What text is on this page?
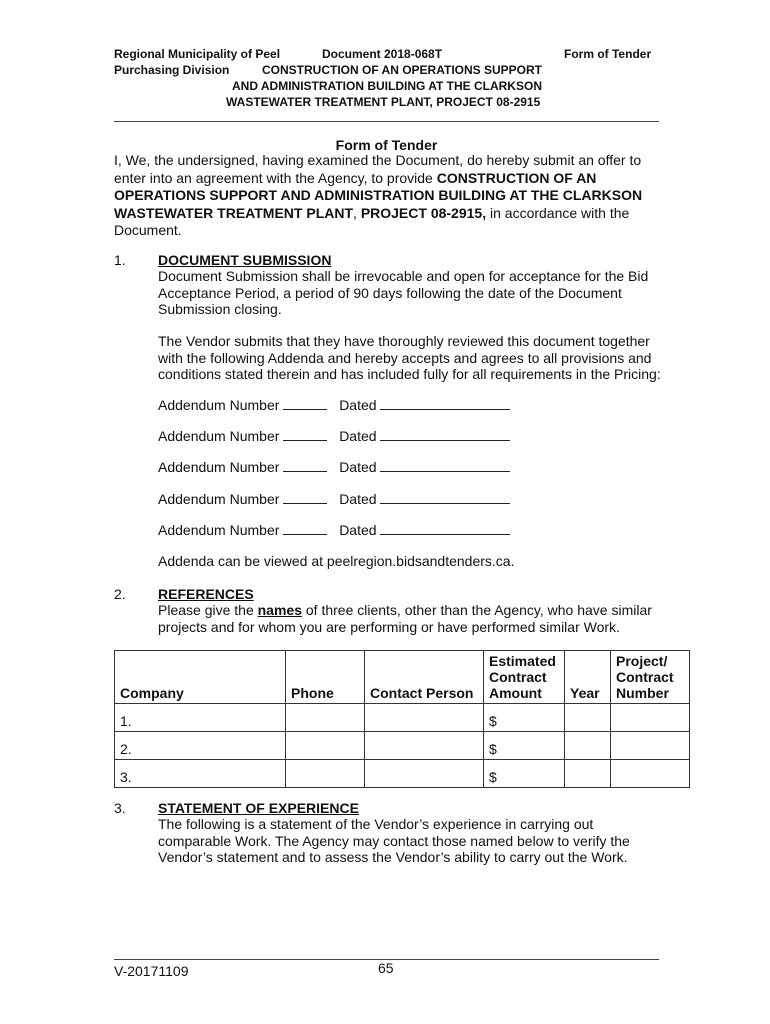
Regional Municipality of Peel	Document 2018-068T	Form of Tender
Purchasing Division	CONSTRUCTION OF AN OPERATIONS SUPPORT
AND ADMINISTRATION BUILDING AT THE CLARKSON
WASTEWATER TREATMENT PLANT, PROJECT 08-2915
Form of Tender
I, We, the undersigned, having examined the Document, do hereby submit an offer to enter into an agreement with the Agency, to provide CONSTRUCTION OF AN OPERATIONS SUPPORT AND ADMINISTRATION BUILDING AT THE CLARKSON WASTEWATER TREATMENT PLANT, PROJECT 08-2915, in accordance with the Document.
1. DOCUMENT SUBMISSION
Document Submission shall be irrevocable and open for acceptance for the Bid Acceptance Period, a period of 90 days following the date of the Document Submission closing.
The Vendor submits that they have thoroughly reviewed this document together with the following Addenda and hereby accepts and agrees to all provisions and conditions stated therein and has included fully for all requirements in the Pricing:
Addendum Number	Dated
Addendum Number	Dated
Addendum Number	Dated
Addendum Number	Dated
Addendum Number	Dated
Addenda can be viewed at peelregion.bidsandtenders.ca.
2. REFERENCES
Please give the names of three clients, other than the Agency, who have similar projects and for whom you are performing or have performed similar Work.
Company	Phone	Contact Person	Estimated Contract Amount	Year	Project/ Contract Number
1.			$		
2.			$		
3.			$		
3. STATEMENT OF EXPERIENCE
The following is a statement of the Vendor’s experience in carrying out comparable Work. The Agency may contact those named below to verify the Vendor’s statement and to assess the Vendor’s ability to carry out the Work.
V-20171109	65
